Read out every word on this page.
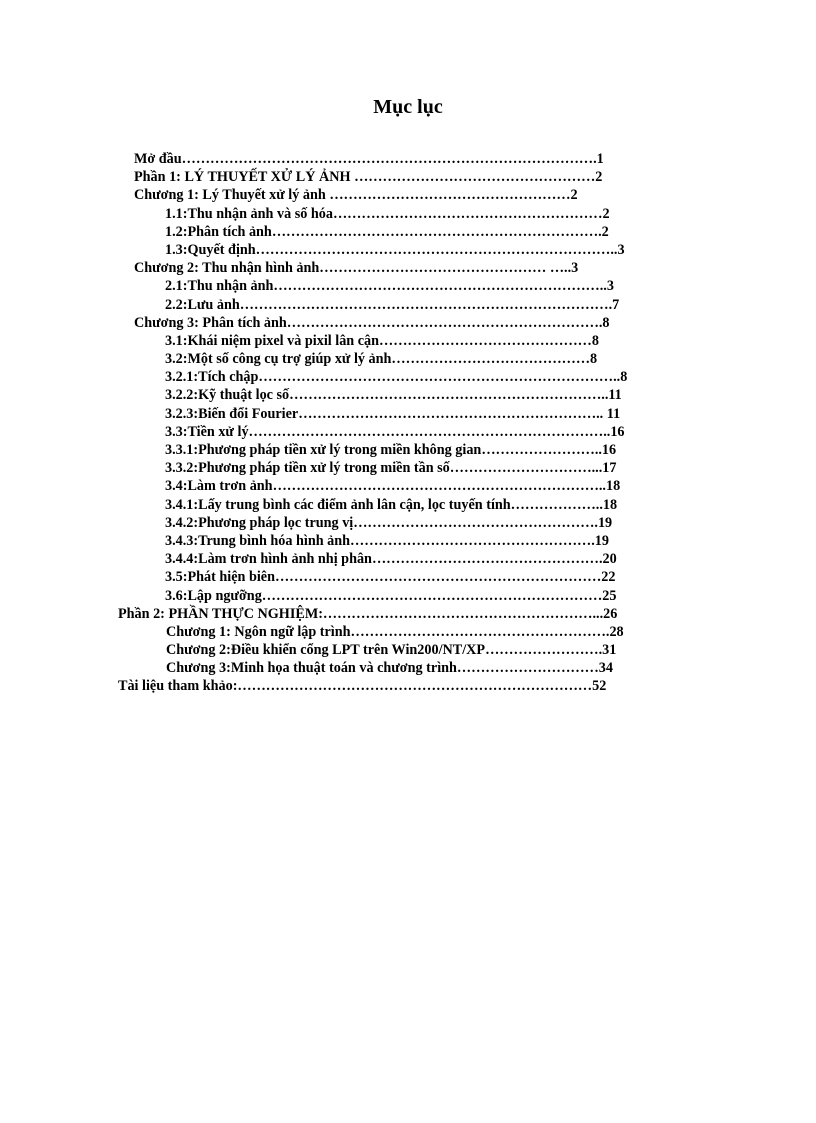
Mục lục
Mở đầu…………………………………………………………………………….1
Phần 1: LÝ THUYẾT XỬ LÝ ẢNH ……………………………………………2
Chương 1: Lý Thuyết xử lý ảnh ……………………………………………2
1.1:Thu nhận ảnh và số hóa…………………………………………………2
1.2:Phân tích ảnh…………………………………………………………….2
1.3:Quyết định…………………………………………………………………..3
Chương 2: Thu nhận hình ảnh………………………………………… …..3
2.1:Thu nhận ảnh……………………………………………………………..3
2.2:Lưu ảnh…………………………………………………………………….7
Chương 3: Phân tích ảnh………………………………………………………….8
3.1:Khái niệm pixel và pixil lân cận………………………………………8
3.2:Một số công cụ trợ giúp xử lý ảnh……………………………………8
3.2.1:Tích chập…………………………………………………………………..8
3.2.2:Kỹ thuật lọc số…………………………………………………………..11
3.2.3:Biến đổi Fourier……………………………………………………….. 11
3.3:Tiền xử lý…………………………………………………………………..16
3.3.1:Phương pháp tiền xử lý trong miền không gian……………………..16
3.3.2:Phương pháp tiền xử lý trong miền tần số…………………………...17
3.4:Làm trơn ảnh……………………………………………………………..18
3.4.1:Lấy trung bình các điểm ảnh lân cận, lọc tuyến tính………………..18
3.4.2:Phương pháp lọc trung vị…………………………………………….19
3.4.3:Trung bình hóa hình ảnh…………………………………………….19
3.4.4:Làm trơn hình ảnh nhị phân………………………………………….20
3.5:Phát hiện biên……………………………………………………………22
3.6:Lập ngưỡng………………………………………………………………25
Phần 2: PHẦN THỰC NGHIỆM:…………………………………………………...26
Chương 1: Ngôn ngữ lập trình……………………………………………….28
Chương 2:Điều khiển cổng LPT trên Win200/NT/XP…………………….31
Chương 3:Minh họa thuật toán và chương trình…………………………34
Tài liệu tham khảo:…………………………………………………………………52
